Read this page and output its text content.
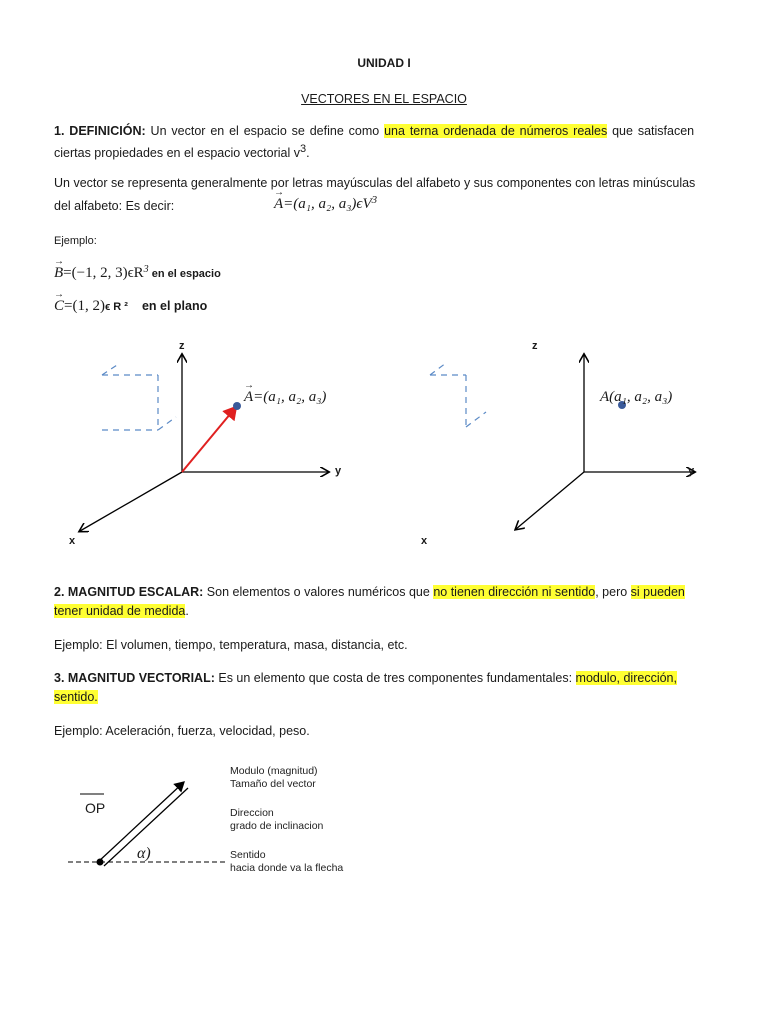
UNIDAD I
VECTORES EN EL ESPACIO
1. DEFINICIÓN: Un vector en el espacio se define como una terna ordenada de números reales que satisfacen
ciertas propiedades en el espacio vectorial $v^3$.
Un vector se representa generalmente por letras mayúsculas del alfabeto y sus componentes con letras minúsculas
del alfabeto: Es decir:
→	A=(a₁, a₂, $a_3)\epsilon V^3$
Ejemplo:
→ B=(−1, 2, $3)\epsilon R^3$ en el espacio
→ C=(1, 2)ϵ R ² en el plano
z
y
x
→ A=(a₁, a₂, a₃)
z
y
x
A(a₁, a₂, a₃)
2. MAGNITUD ESCALAR: Son elementos o valores numéricos que no tienen dirección ni sentido, pero si pueden
tener unidad de medida.
Ejemplo: El volumen, tiempo, temperatura, masa, distancia, etc.
3. MAGNITUD VECTORIAL: Es un elemento que costa de tres componentes fundamentales: modulo, dirección,
sentido.
Ejemplo: Aceleración, fuerza, velocidad, peso.
OP
α)
Modulo (magnitud)
Tamaño del vector
Direccion
grado de inclinacion
Sentido
hacia donde va la flecha
